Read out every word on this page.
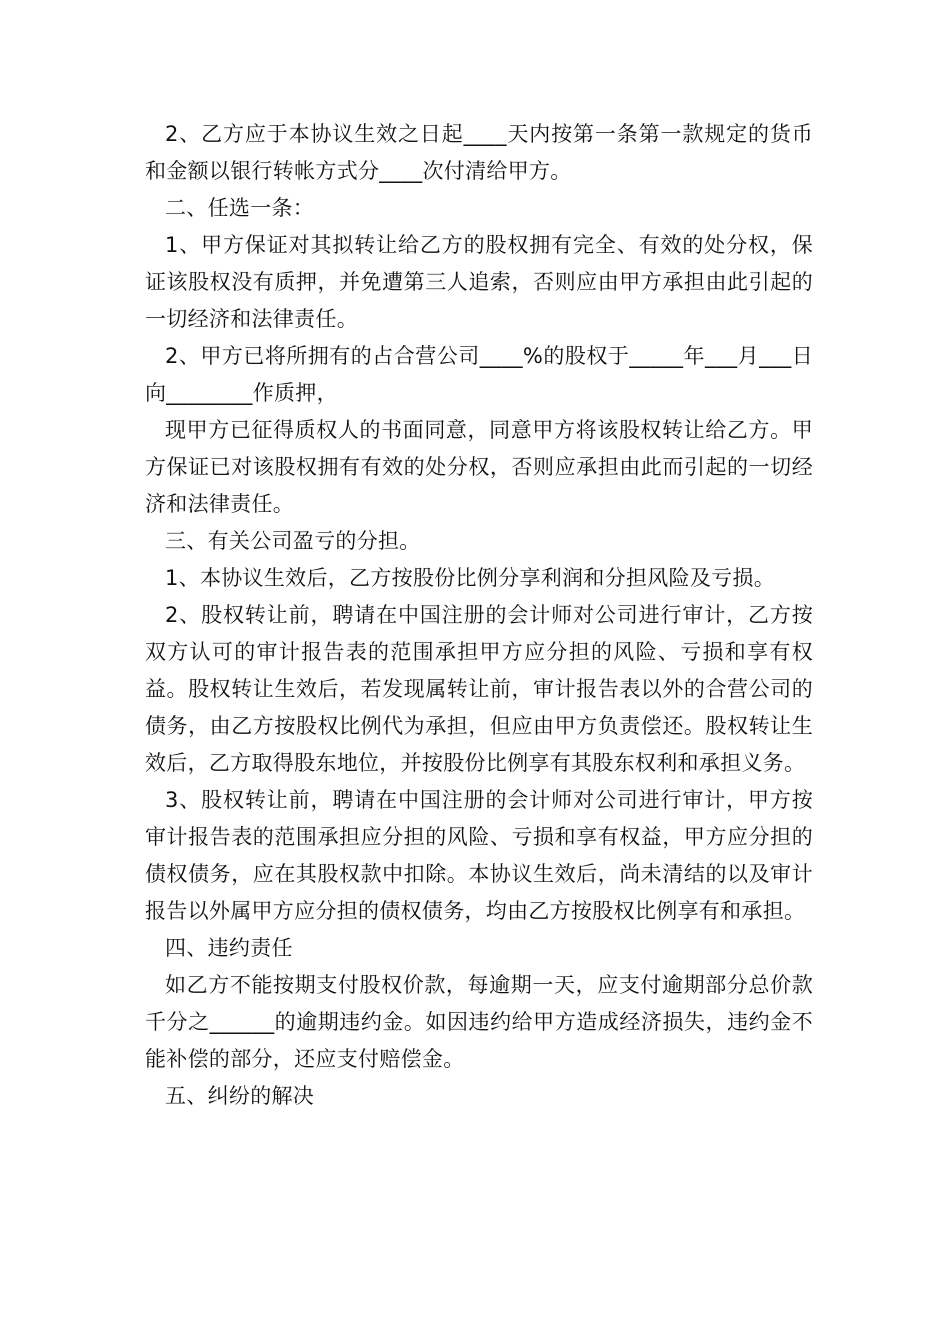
2、乙方应于本协议生效之日起____天内按第一条第一款规定的货币和金额以银行转帐方式分____次付清给甲方。

二、任选一条：

1、甲方保证对其拟转让给乙方的股权拥有完全、有效的处分权，保证该股权没有质押，并免遭第三人追索，否则应由甲方承担由此引起的一切经济和法律责任。

2、甲方已将所拥有的占合营公司____%的股权于_____年___月___日向________作质押，

现甲方已征得质权人的书面同意，同意甲方将该股权转让给乙方。甲方保证已对该股权拥有有效的处分权，否则应承担由此而引起的一切经济和法律责任。

三、有关公司盈亏的分担。

1、本协议生效后，乙方按股份比例分享利润和分担风险及亏损。

2、股权转让前，聘请在中国注册的会计师对公司进行审计，乙方按双方认可的审计报告表的范围承担甲方应分担的风险、亏损和享有权益。股权转让生效后，若发现属转让前，审计报告表以外的合营公司的债务，由乙方按股权比例代为承担，但应由甲方负责偿还。股权转让生效后，乙方取得股东地位，并按股份比例享有其股东权利和承担义务。

3、股权转让前，聘请在中国注册的会计师对公司进行审计，甲方按审计报告表的范围承担应分担的风险、亏损和享有权益，甲方应分担的债权债务，应在其股权款中扣除。本协议生效后，尚未清结的以及审计报告以外属甲方应分担的债权债务，均由乙方按股权比例享有和承担。

四、违约责任

如乙方不能按期支付股权价款，每逾期一天，应支付逾期部分总价款千分之______的逾期违约金。如因违约给甲方造成经济损失，违约金不能补偿的部分，还应支付赔偿金。

五、纠纷的解决
